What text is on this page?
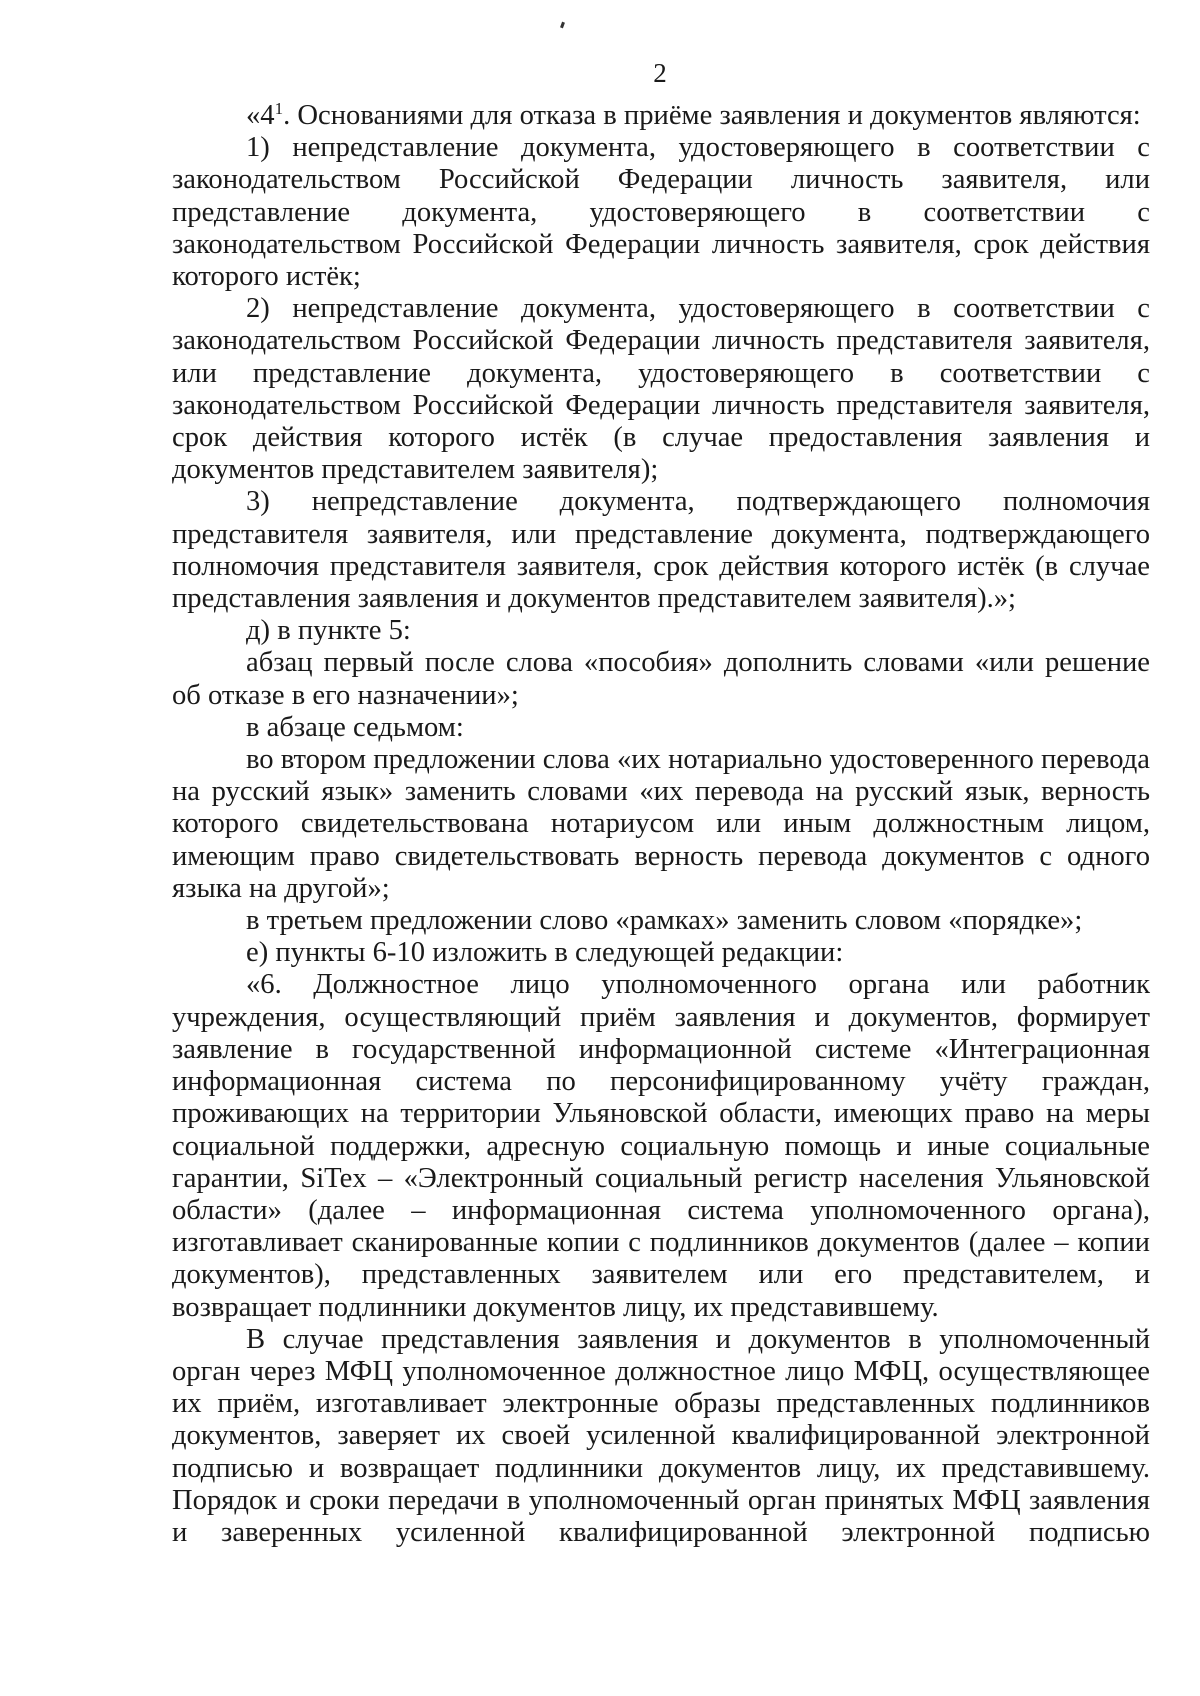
2

«$4^1$. Основаниями для отказа в приёме заявления и документов являются:

1) непредставление документа, удостоверяющего в соответствии с законодательством Российской Федерации личность заявителя, или представление документа, удостоверяющего в соответствии с законодательством Российской Федерации личность заявителя, срок действия которого истёк;

2) непредставление документа, удостоверяющего в соответствии с законодательством Российской Федерации личность представителя заявителя, или представление документа, удостоверяющего в соответствии с законодательством Российской Федерации личность представителя заявителя, срок действия которого истёк (в случае предоставления заявления и документов представителем заявителя);

3) непредставление документа, подтверждающего полномочия представителя заявителя, или представление документа, подтверждающего полномочия представителя заявителя, срок действия которого истёк (в случае представления заявления и документов представителем заявителя).»;

д) в пункте 5:

абзац первый после слова «пособия» дополнить словами «или решение об отказе в его назначении»;

в абзаце седьмом:

во втором предложении слова «их нотариально удостоверенного перевода на русский язык» заменить словами «их перевода на русский язык, верность которого свидетельствована нотариусом или иным должностным лицом, имеющим право свидетельствовать верность перевода документов с одного языка на другой»;

в третьем предложении слово «рамках» заменить словом «порядке»;

е) пункты 6-10 изложить в следующей редакции:

«6. Должностное лицо уполномоченного органа или работник учреждения, осуществляющий приём заявления и документов, формирует заявление в государственной информационной системе «Интеграционная информационная система по персонифицированному учёту граждан, проживающих на территории Ульяновской области, имеющих право на меры социальной поддержки, адресную социальную помощь и иные социальные гарантии, SiTex – «Электронный социальный регистр населения Ульяновской области» (далее – информационная система уполномоченного органа), изготавливает сканированные копии с подлинников документов (далее – копии документов), представленных заявителем или его представителем, и возвращает подлинники документов лицу, их представившему.

В случае представления заявления и документов в уполномоченный орган через МФЦ уполномоченное должностное лицо МФЦ, осуществляющее их приём, изготавливает электронные образы представленных подлинников документов, заверяет их своей усиленной квалифицированной электронной подписью и возвращает подлинники документов лицу, их представившему. Порядок и сроки передачи в уполномоченный орган принятых МФЦ заявления и заверенных усиленной квалифицированной электронной подписью
